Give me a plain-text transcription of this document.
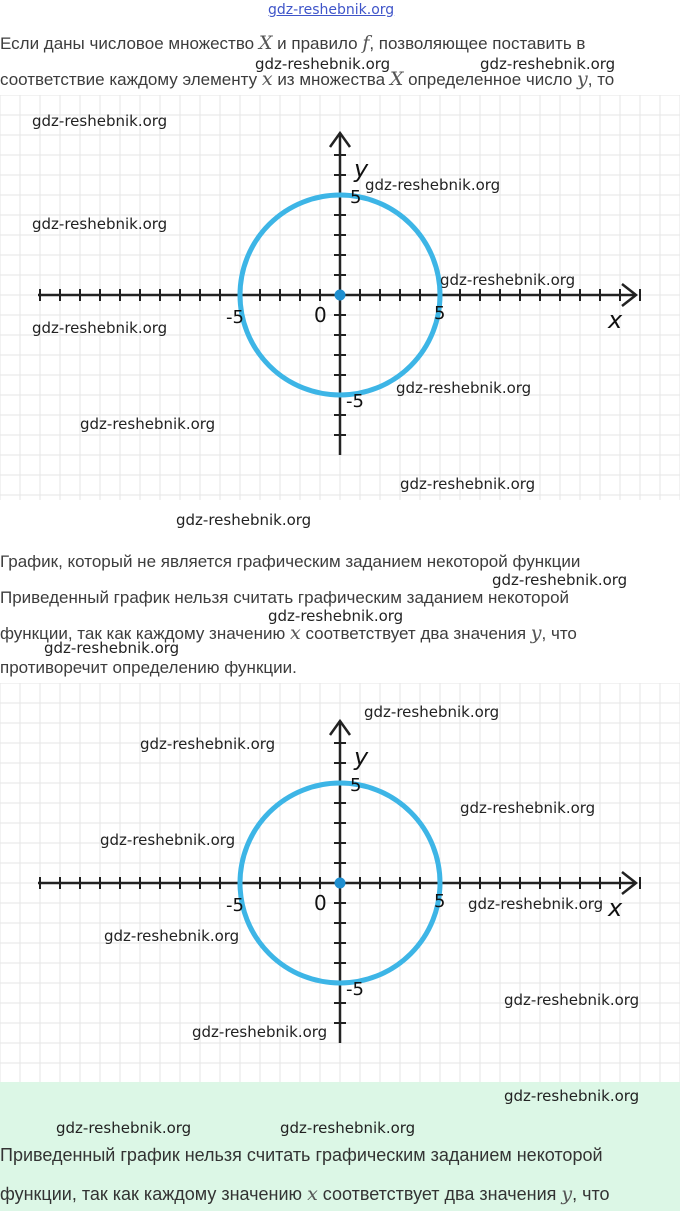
gdz-reshebnik.org
Если даны числовое множество X и правило f, позволяющее поставить в
соответствие каждому элементу x из множества X определенное число y, то
y
x
0
-5	5
5
-5
График, который не является графическим заданием некоторой функции
Приведенный график нельзя считать графическим заданием некоторой
функции, так как каждому значению x соответствует два значения y, что
противоречит определению функции.
y
x
0
-5	5
5
-5
Приведенный график нельзя считать графическим заданием некоторой
функции, так как каждому значению x соответствует два значения y, что
gdz-reshebnik.org	gdz-reshebnik.org
gdz-reshebnik.org
gdz-reshebnik.org
gdz-reshebnik.org
gdz-reshebnik.org
gdz-reshebnik.org
gdz-reshebnik.org
gdz-reshebnik.org
gdz-reshebnik.org
gdz-reshebnik.org
gdz-reshebnik.org
gdz-reshebnik.org
gdz-reshebnik.org
gdz-reshebnik.org
gdz-reshebnik.org
gdz-reshebnik.org
gdz-reshebnik.org
gdz-reshebnik.org
gdz-reshebnik.org
gdz-reshebnik.org
gdz-reshebnik.org
gdz-reshebnik.org
gdz-reshebnik.org	gdz-reshebnik.org
